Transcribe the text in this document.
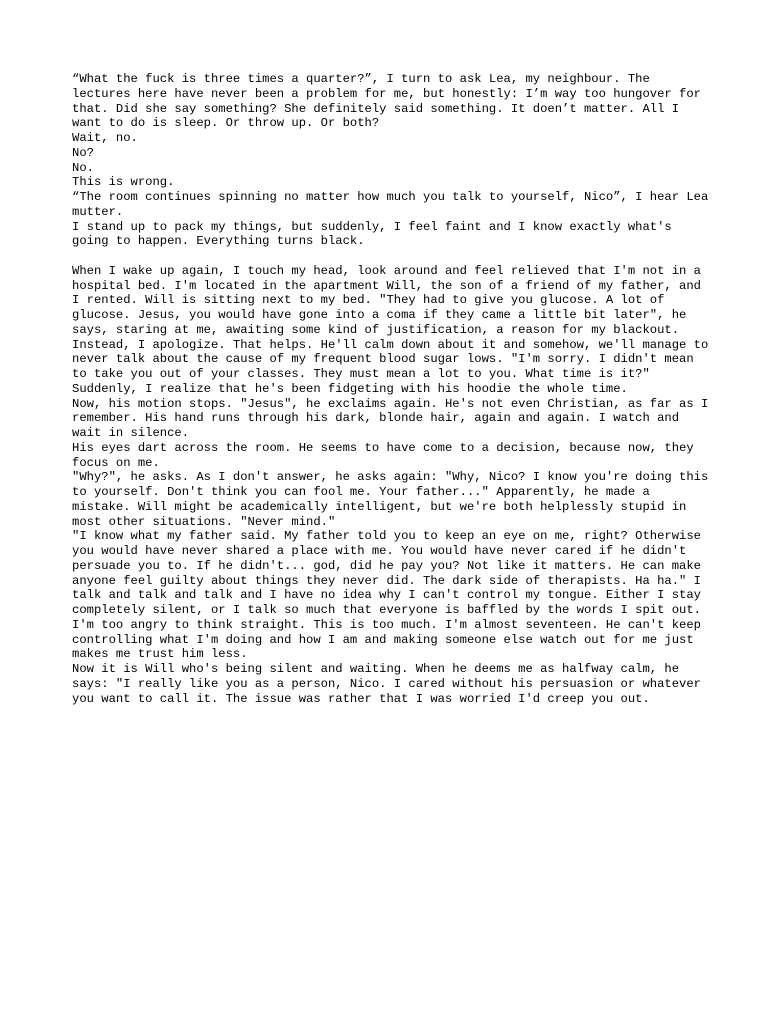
“What the fuck is three times a quarter?”, I turn to ask Lea, my neighbour. The lectures here have never been a problem for me, but honestly: I’m way too hungover for that. Did she say something? She definitely said something. It doen’t matter. All I want to do is sleep. Or throw up. Or both?

Wait, no.

No?

No.

This is wrong.

“The room continues spinning no matter how much you talk to yourself, Nico”, I hear Lea mutter.

I stand up to pack my things, but suddenly, I feel faint and I know exactly what's going to happen. Everything turns black.

When I wake up again, I touch my head, look around and feel relieved that I'm not in a hospital bed. I'm located in the apartment Will, the son of a friend of my father, and I rented. Will is sitting next to my bed. "They had to give you glucose. A lot of glucose. Jesus, you would have gone into a coma if they came a little bit later", he says, staring at me, awaiting some kind of justification, a reason for my blackout. Instead, I apologize. That helps. He'll calm down about it and somehow, we'll manage to never talk about the cause of my frequent blood sugar lows. "I'm sorry. I didn't mean to take you out of your classes. They must mean a lot to you. What time is it?" Suddenly, I realize that he's been fidgeting with his hoodie the whole time.

Now, his motion stops. "Jesus", he exclaims again. He's not even Christian, as far as I remember. His hand runs through his dark, blonde hair, again and again. I watch and wait in silence.

His eyes dart across the room. He seems to have come to a decision, because now, they focus on me.

"Why?", he asks. As I don't answer, he asks again: "Why, Nico? I know you're doing this to yourself. Don't think you can fool me. Your father..." Apparently, he made a mistake. Will might be academically intelligent, but we're both helplessly stupid in most other situations. "Never mind."

"I know what my father said. My father told you to keep an eye on me, right? Otherwise you would have never shared a place with me. You would have never cared if he didn't persuade you to. If he didn't... god, did he pay you? Not like it matters. He can make anyone feel guilty about things they never did. The dark side of therapists. Ha ha." I talk and talk and talk and I have no idea why I can't control my tongue. Either I stay completely silent, or I talk so much that everyone is baffled by the words I spit out. I'm too angry to think straight. This is too much. I'm almost seventeen. He can't keep controlling what I'm doing and how I am and making someone else watch out for me just makes me trust him less.

Now it is Will who's being silent and waiting. When he deems me as halfway calm, he says: "I really like you as a person, Nico. I cared without his persuasion or whatever you want to call it. The issue was rather that I was worried I'd creep you out.
